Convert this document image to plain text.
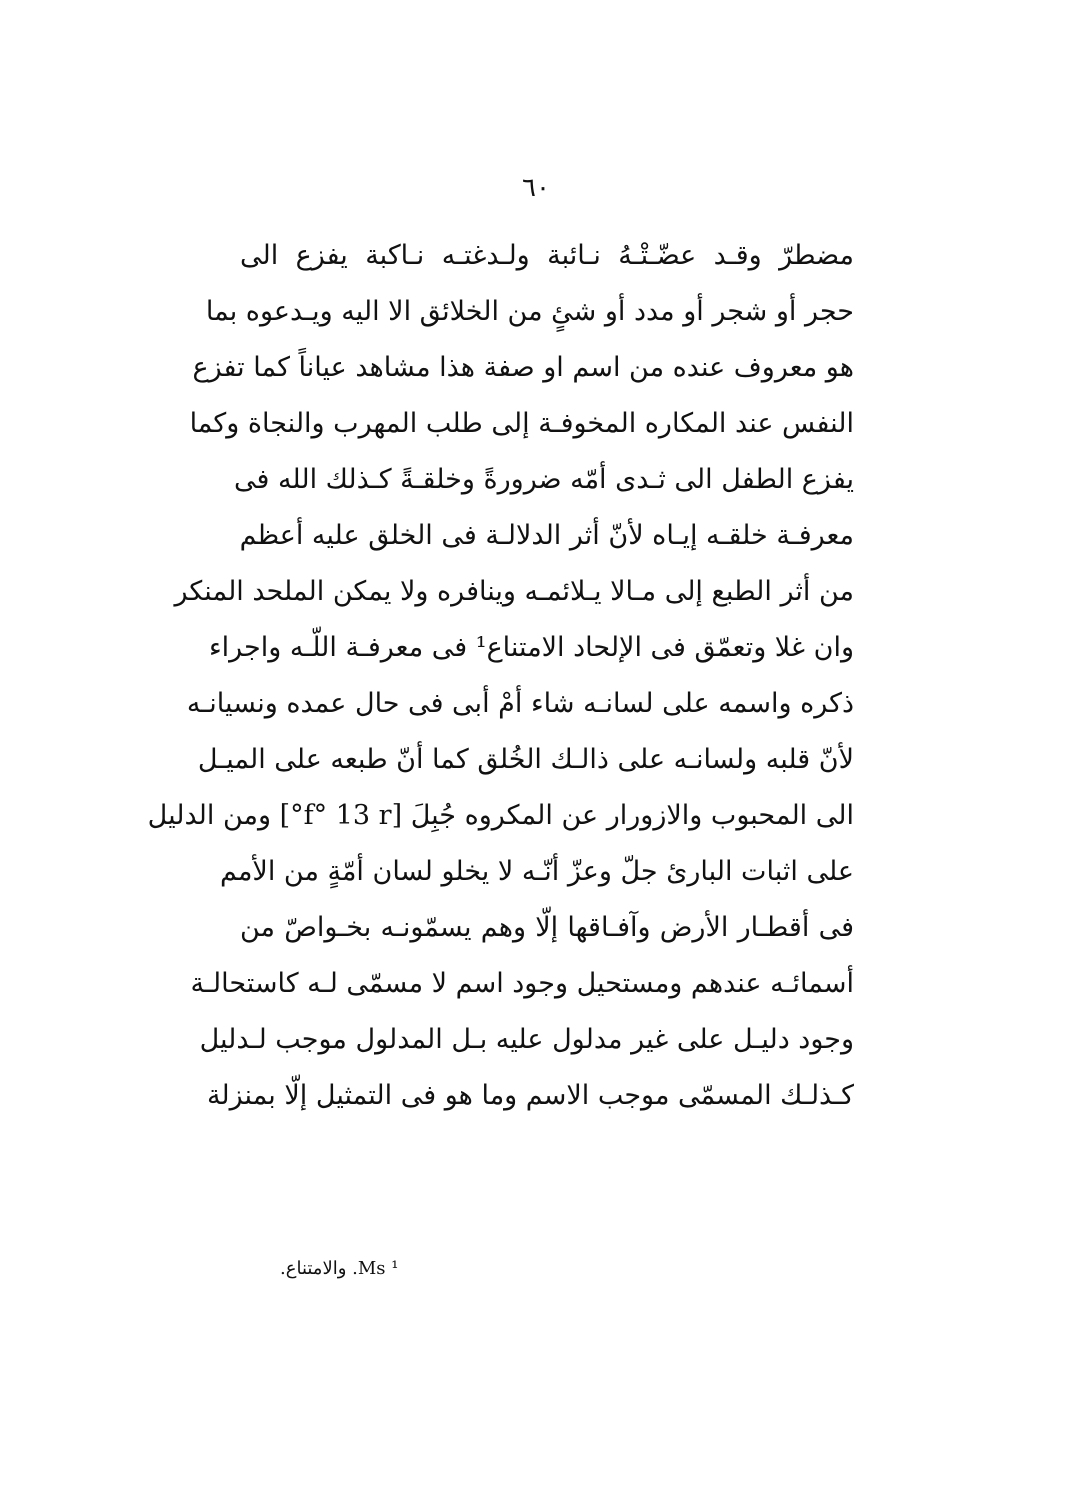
٦٠
مضطرّ وقـد عضّـتْـهُ نـائبة ولـدغتـه نـاكبة يفزع الى
حجر أو شجر أو مدد أو شئٍ من الخلائق الا اليه ويـدعوه بما
هو معروف عنده من اسم او صفة هذا مشاهد عياناً كما تفزع
النفس عند المكاره المخوفـة إلى طلب المهرب والنجاة وكما
يفزع الطفل الى ثـدى أمّه ضرورةً وخلقـةً كـذلك الله فى
معرفـة خلقـه إيـاه لأنّ أثر الدلالـة فى الخلق عليه أعظم
من أثر الطبع إلى مـالا يـلائمـه وينافره ولا يمكن الملحد المنكر
وان غلا وتعمّق فى الإلحاد الامتناع¹ فى معرفـة اللّـه واجراء
ذكره واسمه على لسانـه شاء أمْ أبى فى حال عمده ونسيانـه
لأنّ قلبه ولسانـه على ذالـك الخُلق كما أنّ طبعه على الميـل
الى المحبوب والازورار عن المكروه جُبِلَ [f° 13 r°] ومن الدليل
على اثبات البارئ جلّ وعزّ أنّـه لا يخلو لسان أمّةٍ من الأمم
فى أقطـار الأرض وآفـاقها إلّا وهم يسمّونـه بخـواصّ من
أسمائـه عندهم ومستحيل وجود اسم لا مسمّى لـه كاستحالـة
وجود دليـل على غير مدلول عليه بـل المدلول موجب لـدليل
كـذلـك المسمّى موجب الاسم وما هو فى التمثيل إلّا بمنزلة
¹ Ms. والامتناع.
